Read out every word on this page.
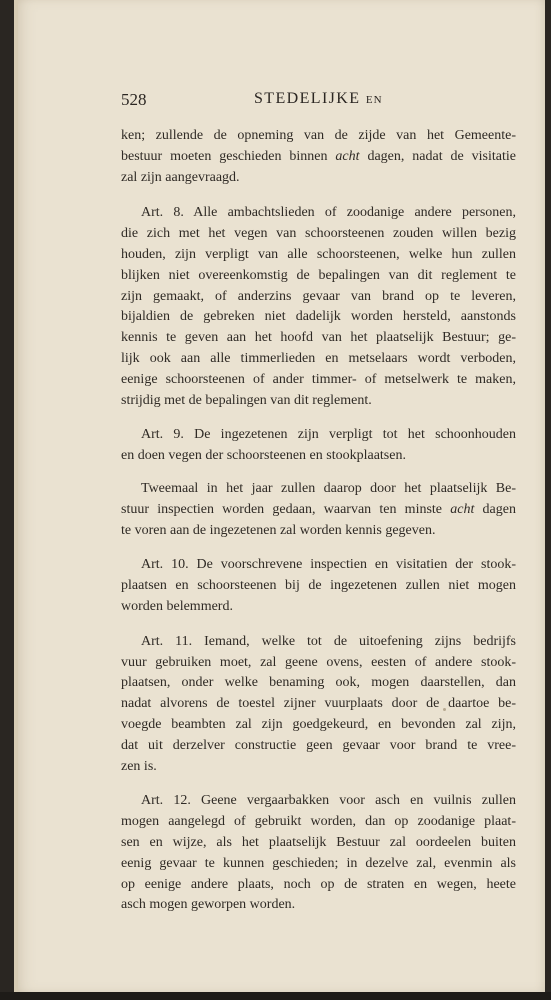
528	STEDELIJKE EN
ken; zullende de opneming van de zijde van het Gemeente-
bestuur moeten geschieden binnen acht dagen, nadat de visitatie
zal zijn aangevraagd.
Art. 8. Alle ambachtslieden of zoodanige andere personen,
die zich met het vegen van schoorsteenen zouden willen bezig
houden, zijn verpligt van alle schoorsteenen, welke hun zullen
blijken niet overeenkomstig de bepalingen van dit reglement te
zijn gemaakt, of anderzins gevaar van brand op te leveren,
bijaldien de gebreken niet dadelijk worden hersteld, aanstonds
kennis te geven aan het hoofd van het plaatselijk Bestuur; ge-
lijk ook aan alle timmerlieden en metselaars wordt verboden,
eenige schoorsteenen of ander timmer- of metselwerk te maken,
strijdig met de bepalingen van dit reglement.
Art. 9. De ingezetenen zijn verpligt tot het schoonhouden
en doen vegen der schoorsteenen en stookplaatsen.
Tweemaal in het jaar zullen daarop door het plaatselijk Be-
stuur inspectien worden gedaan, waarvan ten minste acht dagen
te voren aan de ingezetenen zal worden kennis gegeven.
Art. 10. De voorschrevene inspectien en visitatien der stook-
plaatsen en schoorsteenen bij de ingezetenen zullen niet mogen
worden belemmerd.
Art. 11. Iemand, welke tot de uitoefening zijns bedrijfs
vuur gebruiken moet, zal geene ovens, eesten of andere stook-
plaatsen, onder welke benaming ook, mogen daarstellen, dan
nadat alvorens de toestel zijner vuurplaats door de daartoe be-
voegde beambten zal zijn goedgekeurd, en bevonden zal zijn,
dat uit derzelver constructie geen gevaar voor brand te vree-
zen is.
Art. 12. Geene vergaarbakken voor asch en vuilnis zullen
mogen aangelegd of gebruikt worden, dan op zoodanige plaat-
sen en wijze, als het plaatselijk Bestuur zal oordeelen buiten
eenig gevaar te kunnen geschieden; in dezelve zal, evenmin als
op eenige andere plaats, noch op de straten en wegen, heete
asch mogen geworpen worden.
